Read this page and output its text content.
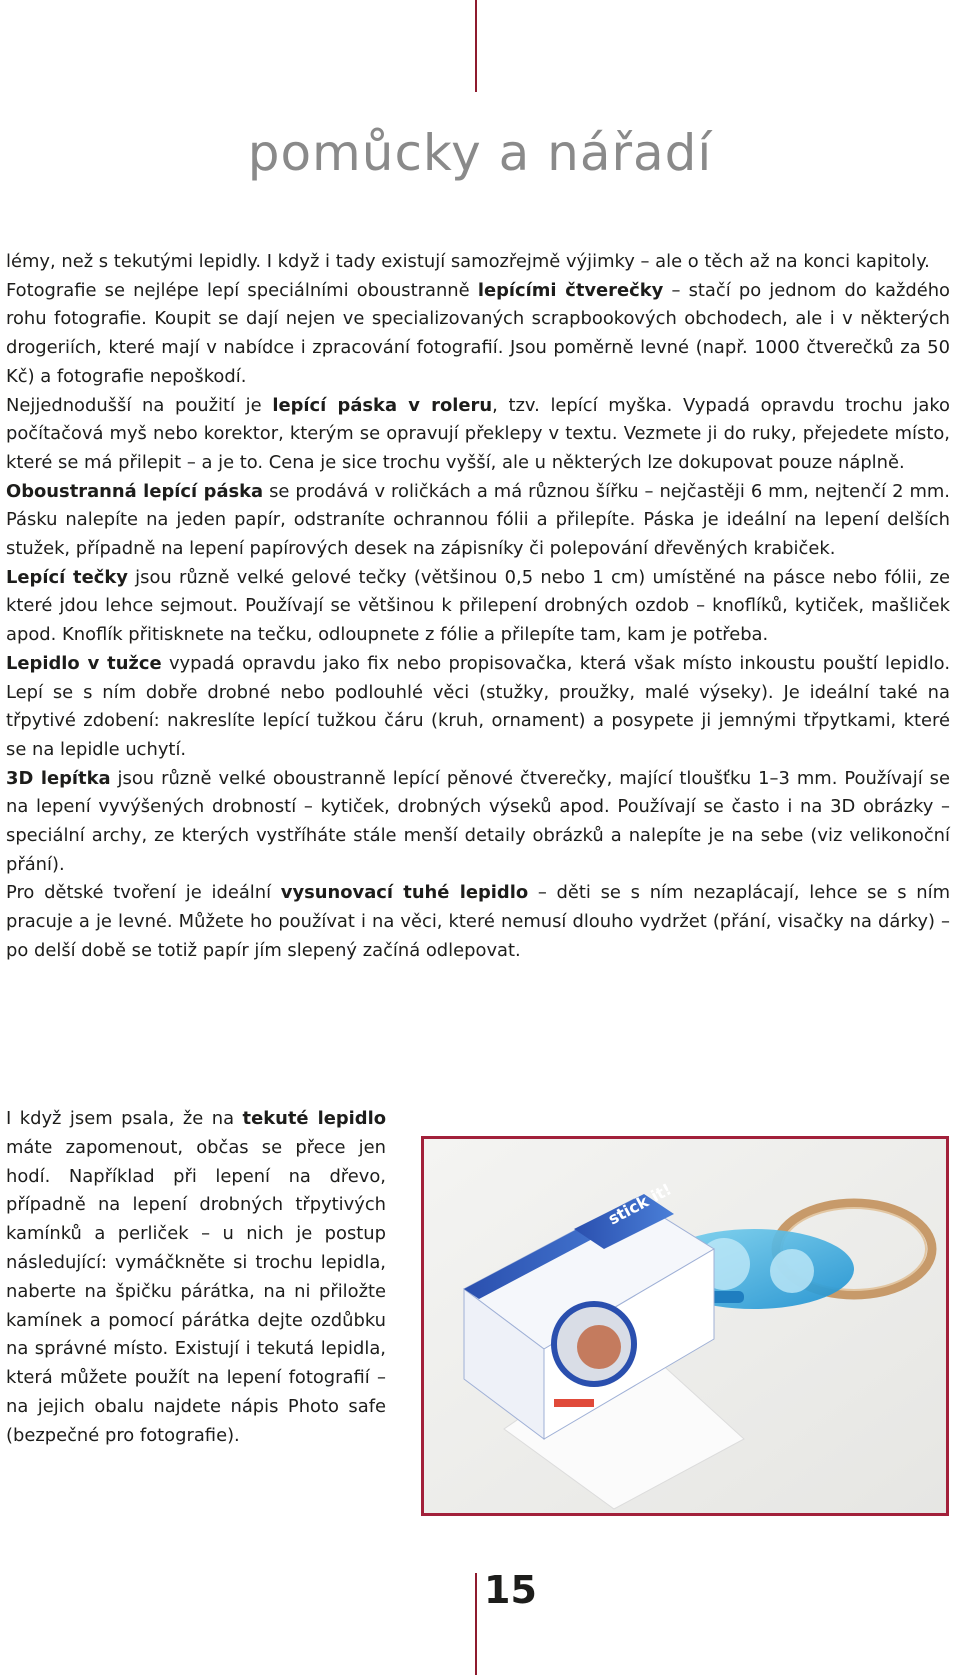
pomůcky a nářadí

lémy, než s tekutými lepidly. I když i tady existují samozřejmě výjimky – ale o těch až na konci kapitoly.

Fotografie se nejlépe lepí speciálními oboustranně lepícími čtverečky – stačí po jednom do každého rohu fotografie. Koupit se dají nejen ve specializovaných scrapbookových obchodech, ale i v některých drogeriích, které mají v nabídce i zpracování fotografií. Jsou poměrně levné (např. 1000 čtverečků za 50 Kč) a fotografie nepoškodí.

Nejjednodušší na použití je lepící páska v roleru, tzv. lepící myška. Vypadá opravdu trochu jako počítačová myš nebo korektor, kterým se opravují překlepy v textu. Vezmete ji do ruky, přejedete místo, které se má přilepit – a je to. Cena je sice trochu vyšší, ale u některých lze dokupovat pouze náplně.

Oboustranná lepící páska se prodává v roličkách a má různou šířku – nejčastěji 6 mm, nejtenčí 2 mm. Pásku nalepíte na jeden papír, odstraníte ochrannou fólii a přilepíte. Páska je ideální na lepení delších stužek, případně na lepení papírových desek na zápisníky či polepování dřevěných krabiček.

Lepící tečky jsou různě velké gelové tečky (většinou 0,5 nebo 1 cm) umístěné na pásce nebo fólii, ze které jdou lehce sejmout. Používají se většinou k přilepení drobných ozdob – knoflíků, kytiček, mašliček apod. Knoflík přitisknete na tečku, odloupnete z fólie a přilepíte tam, kam je potřeba.

Lepidlo v tužce vypadá opravdu jako fix nebo propisovačka, která však místo inkoustu pouští lepidlo. Lepí se s ním dobře drobné nebo podlouhlé věci (stužky, proužky, malé výseky). Je ideální také na třpytivé zdobení: nakreslíte lepící tužkou čáru (kruh, ornament) a posypete ji jemnými třpytkami, které se na lepidle uchytí.

3D lepítka jsou různě velké oboustranně lepící pěnové čtverečky, mající tloušťku 1–3 mm. Používají se na lepení vyvýšených drobností – kytiček, drobných výseků apod. Používají se často i na 3D obrázky – speciální archy, ze kterých vystříháte stále menší detaily obrázků a nalepíte je na sebe (viz velikonoční přání).

Pro dětské tvoření je ideální vysunovací tuhé lepidlo – děti se s ním nezaplácají, lehce se s ním pracuje a je levné. Můžete ho používat i na věci, které nemusí dlouho vydržet (přání, visačky na dárky) – po delší době se totiž papír jím slepený začíná odlepovat.

I když jsem psala, že na tekuté lepidlo máte zapomenout, občas se přece jen hodí. Například při lepení na dřevo, případně na lepení drobných třpytivých kamínků a perliček – u nich je postup následující: vymáčkněte si trochu lepidla, naberte na špičku párátka, na ni přiložte kamínek a pomocí párátka dejte ozdůbku na správné místo. Existují i tekutá lepidla, která můžete použít na lepení fotografií – na jejich obalu najdete nápis Photo safe (bezpečné pro fotografie).

stick it!
15
